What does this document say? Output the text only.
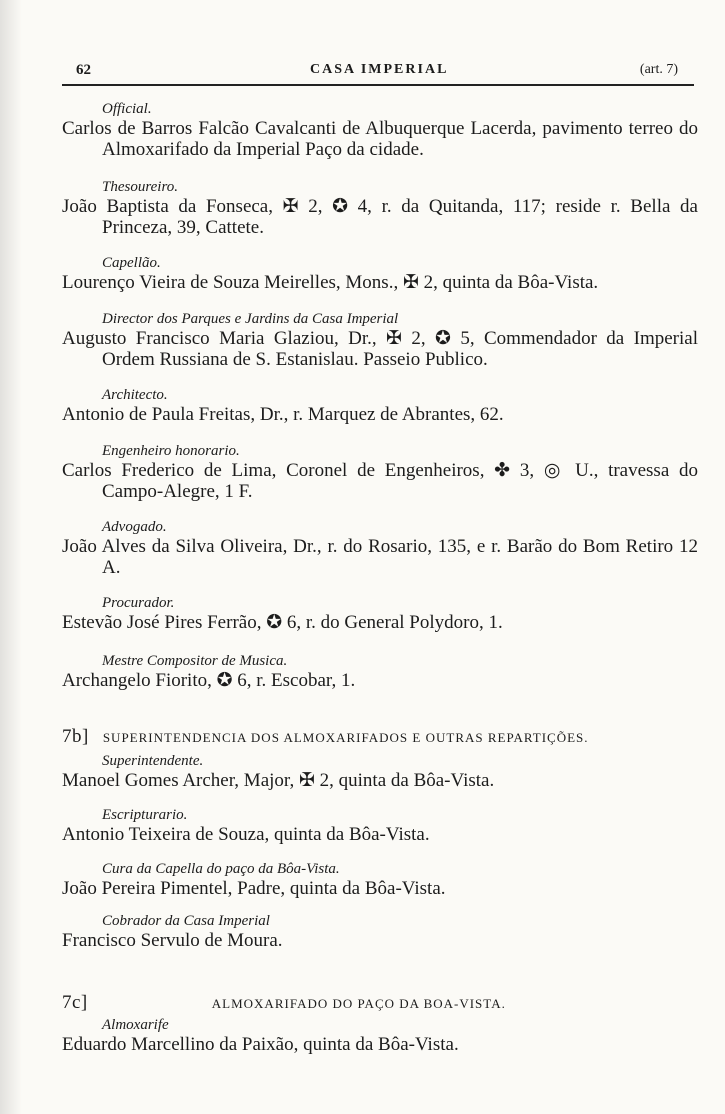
62	CASA IMPERIAL	(art. 7)
Official.
Carlos de Barros Falcão Cavalcanti de Albuquerque Lacerda, pavimento terreo do Almoxarifado da Imperial Paço da cidade.
Thesoureiro.
João Baptista da Fonseca, ✠ 2, ✪ 4, r. da Quitanda, 117; reside r. Bella da Princeza, 39, Cattete.
Capellão.
Lourenço Vieira de Souza Meirelles, Mons., ✠ 2, quinta da Bôa-Vista.
Director dos Parques e Jardins da Casa Imperial
Augusto Francisco Maria Glaziou, Dr., ✠ 2, ✪ 5, Commendador da Imperial Ordem Russiana de S. Estanislau. Passeio Publico.
Architecto.
Antonio de Paula Freitas, Dr., r. Marquez de Abrantes, 62.
Engenheiro honorario.
Carlos Frederico de Lima, Coronel de Engenheiros, ✤ 3, ◎ U., travessa do Campo-Alegre, 1 F.
Advogado.
João Alves da Silva Oliveira, Dr., r. do Rosario, 135, e r. Barão do Bom Retiro 12 A.
Procurador.
Estevão José Pires Ferrão, ✪ 6, r. do General Polydoro, 1.
Mestre Compositor de Musica.
Archangelo Fiorito, ✪ 6, r. Escobar, 1.
7b] SUPERINTENDENCIA DOS ALMOXARIFADOS E OUTRAS REPARTIÇÕES.
Superintendente.
Manoel Gomes Archer, Major, ✠ 2, quinta da Bôa-Vista.
Escripturario.
Antonio Teixeira de Souza, quinta da Bôa-Vista.
Cura da Capella do paço da Bôa-Vista.
João Pereira Pimentel, Padre, quinta da Bôa-Vista.
Cobrador da Casa Imperial
Francisco Servulo de Moura.
7c]	ALMOXARIFADO DO PAÇO DA BOA-VISTA.
Almoxarife
Eduardo Marcellino da Paixão, quinta da Bôa-Vista.
